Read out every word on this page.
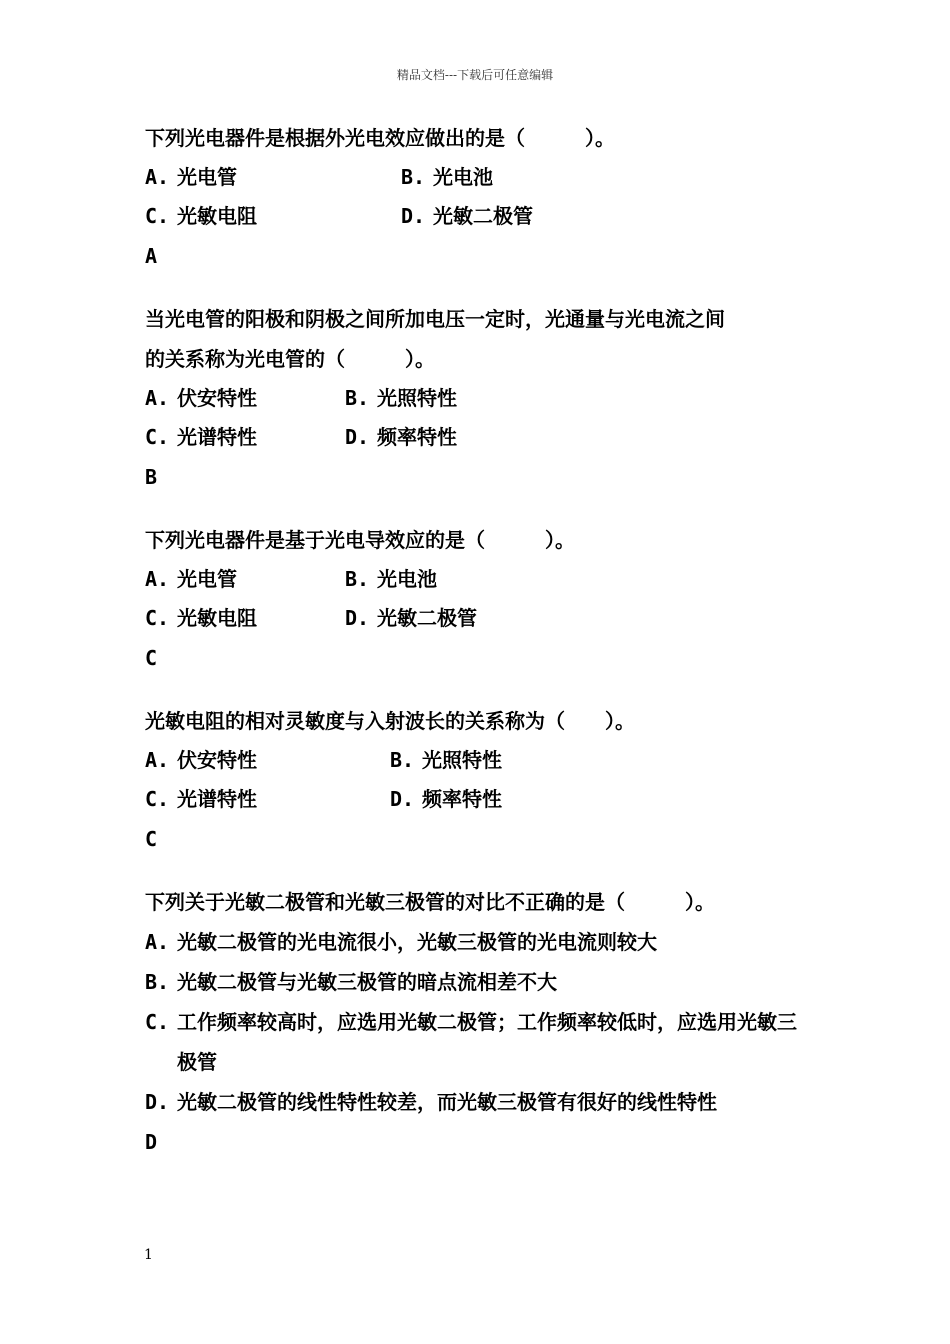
精品文档---下载后可任意编辑
下列光电器件是根据外光电效应做出的是（　　　）。
A. 光电管	B. 光电池
C. 光敏电阻	D. 光敏二极管
A
当光电管的阳极和阴极之间所加电压一定时，光通量与光电流之间
的关系称为光电管的（　　　）。
A. 伏安特性	B. 光照特性
C. 光谱特性	D. 频率特性
B
下列光电器件是基于光电导效应的是（　　　）。
A. 光电管	B. 光电池
C. 光敏电阻	D. 光敏二极管
C
光敏电阻的相对灵敏度与入射波长的关系称为（　　）。
A. 伏安特性	B. 光照特性
C. 光谱特性	D. 频率特性
C
下列关于光敏二极管和光敏三极管的对比不正确的是（　　　）。
A. 光敏二极管的光电流很小，光敏三极管的光电流则较大
B. 光敏二极管与光敏三极管的暗点流相差不大
C. 工作频率较高时，应选用光敏二极管；工作频率较低时，应选用光敏三极管
D. 光敏二极管的线性特性较差，而光敏三极管有很好的线性特性
D
1
